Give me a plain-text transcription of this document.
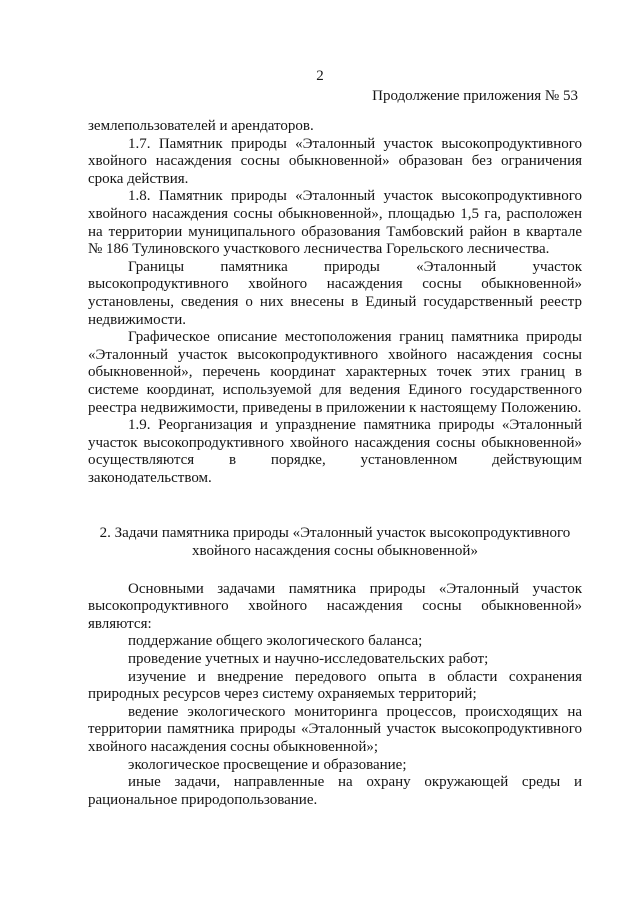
2
Продолжение приложения № 53

землепользователей и арендаторов.

1.7. Памятник природы «Эталонный участок высокопродуктивного хвойного насаждения сосны обыкновенной» образован без ограничения срока действия.

1.8. Памятник природы «Эталонный участок высокопродуктивного хвойного насаждения сосны обыкновенной», площадью 1,5 га, расположен на территории муниципального образования Тамбовский район в квартале № 186 Тулиновского участкового лесничества Горельского лесничества.

Границы памятника природы «Эталонный участок высокопродуктивного хвойного насаждения сосны обыкновенной» установлены, сведения о них внесены в Единый государственный реестр недвижимости.

Графическое описание местоположения границ памятника природы «Эталонный участок высокопродуктивного хвойного насаждения сосны обыкновенной», перечень координат характерных точек этих границ в системе координат, используемой для ведения Единого государственного реестра недвижимости, приведены в приложении к настоящему Положению.

1.9. Реорганизация и упразднение памятника природы «Эталонный участок высокопродуктивного хвойного насаждения сосны обыкновенной» осуществляются в порядке, установленном действующим законодательством.

2. Задачи памятника природы «Эталонный участок высокопродуктивного
хвойного насаждения сосны обыкновенной»

Основными задачами памятника природы «Эталонный участок высокопродуктивного хвойного насаждения сосны обыкновенной» являются:

поддержание общего экологического баланса;

проведение учетных и научно-исследовательских работ;

изучение и внедрение передового опыта в области сохранения природных ресурсов через систему охраняемых территорий;

ведение экологического мониторинга процессов, происходящих на территории памятника природы «Эталонный участок высокопродуктивного хвойного насаждения сосны обыкновенной»;

экологическое просвещение и образование;

иные задачи, направленные на охрану окружающей среды и рациональное природопользование.
